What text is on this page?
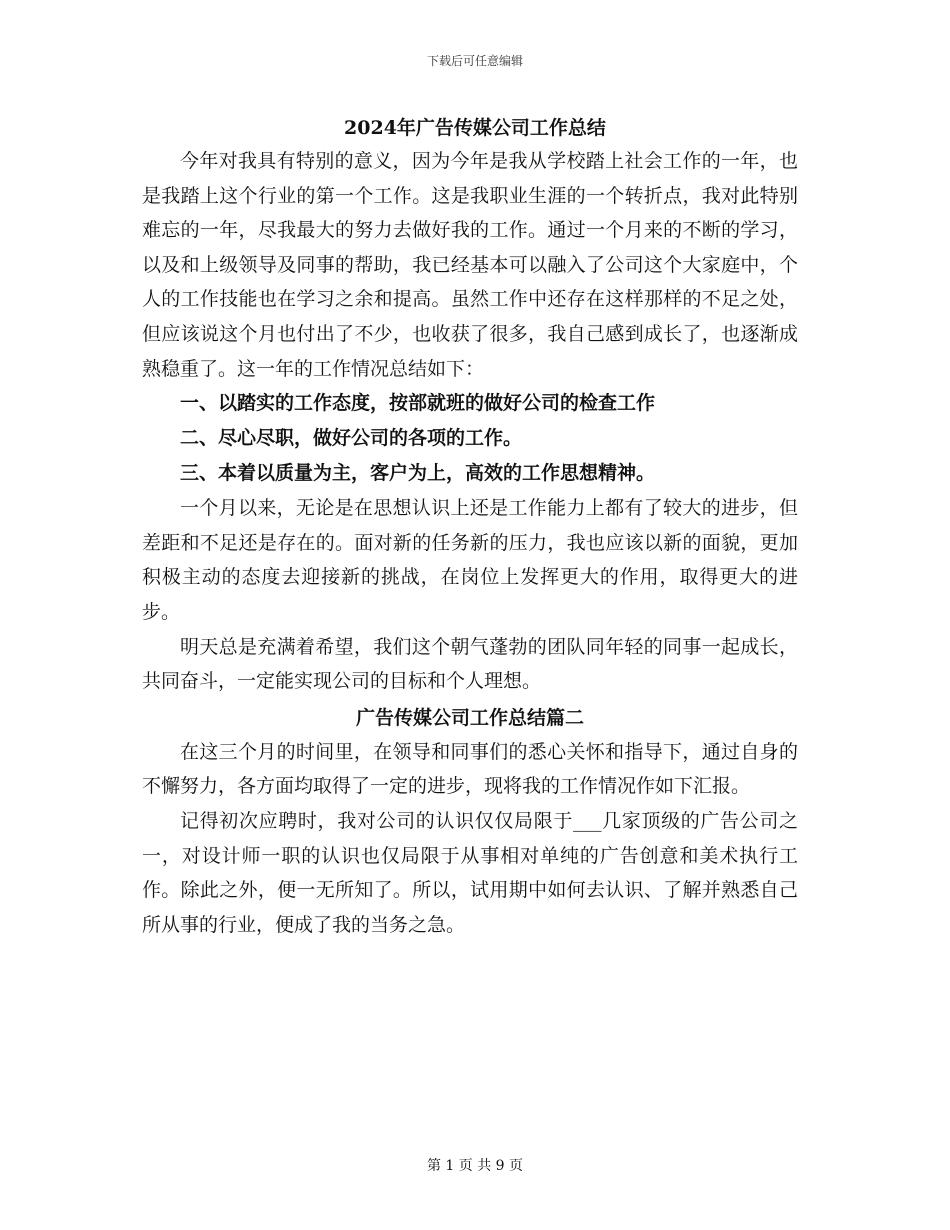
下载后可任意编辑
2024年广告传媒公司工作总结

今年对我具有特别的意义，因为今年是我从学校踏上社会工作的一年，也是我踏上这个行业的第一个工作。这是我职业生涯的一个转折点，我对此特别难忘的一年，尽我最大的努力去做好我的工作。通过一个月来的不断的学习，以及和上级领导及同事的帮助，我已经基本可以融入了公司这个大家庭中，个人的工作技能也在学习之余和提高。虽然工作中还存在这样那样的不足之处，但应该说这个月也付出了不少，也收获了很多，我自己感到成长了，也逐渐成熟稳重了。这一年的工作情况总结如下：

一、以踏实的工作态度，按部就班的做好公司的检查工作

二、尽心尽职，做好公司的各项的工作。

三、本着以质量为主，客户为上，高效的工作思想精神。

一个月以来，无论是在思想认识上还是工作能力上都有了较大的进步，但差距和不足还是存在的。面对新的任务新的压力，我也应该以新的面貌，更加积极主动的态度去迎接新的挑战，在岗位上发挥更大的作用，取得更大的进步。

明天总是充满着希望，我们这个朝气蓬勃的团队同年轻的同事一起成长，共同奋斗，一定能实现公司的目标和个人理想。

广告传媒公司工作总结篇二

在这三个月的时间里，在领导和同事们的悉心关怀和指导下，通过自身的不懈努力，各方面均取得了一定的进步，现将我的工作情况作如下汇报。

记得初次应聘时，我对公司的认识仅仅局限于___几家顶级的广告公司之一，对设计师一职的认识也仅局限于从事相对单纯的广告创意和美术执行工作。除此之外，便一无所知了。所以，试用期中如何去认识、了解并熟悉自己所从事的行业，便成了我的当务之急。

第 1 页 共 9 页
